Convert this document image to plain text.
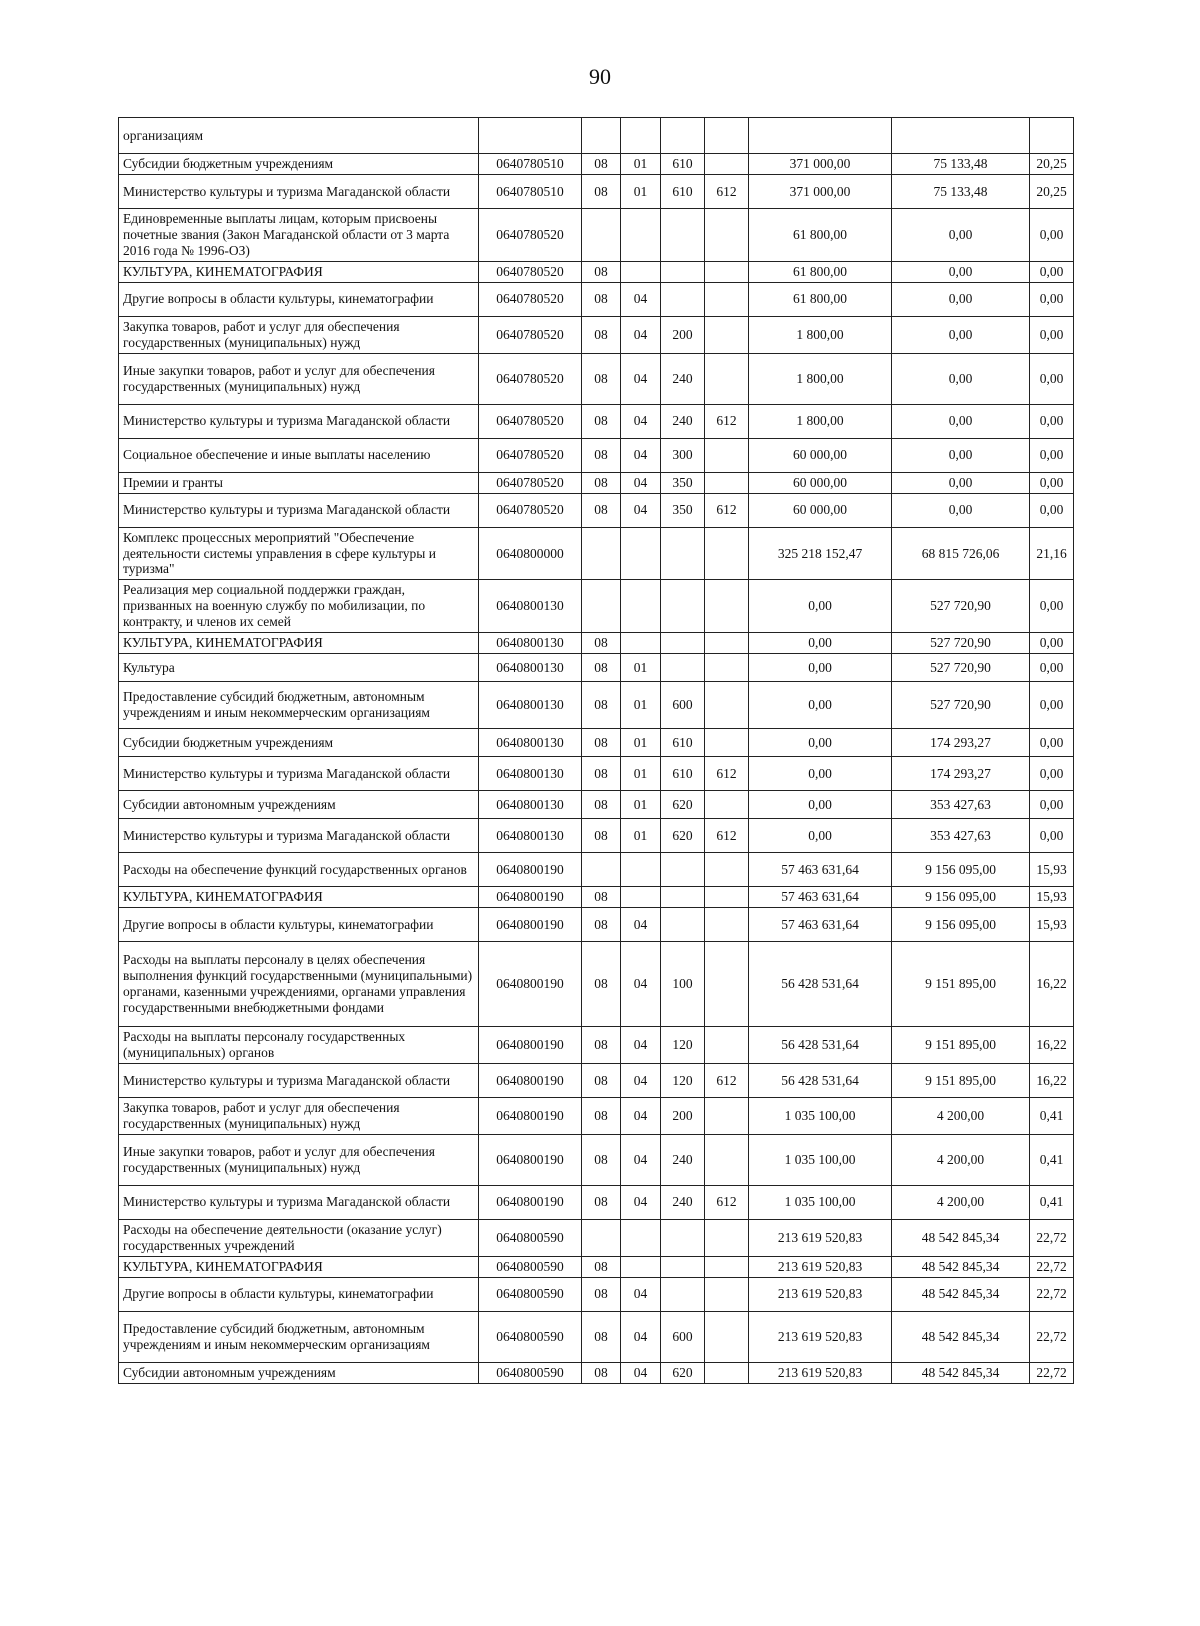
90
организациям								
Субсидии бюджетным учреждениям	0640780510	08	01	610		371 000,00	75 133,48	20,25
Министерство культуры и туризма Магаданской области	0640780510	08	01	610	612	371 000,00	75 133,48	20,25
Единовременные выплаты лицам, которым присвоены почетные звания (Закон Магаданской области от 3 марта 2016 года № 1996-ОЗ)	0640780520					61 800,00	0,00	0,00
КУЛЬТУРА, КИНЕМАТОГРАФИЯ	0640780520	08				61 800,00	0,00	0,00
Другие вопросы в области культуры, кинематографии	0640780520	08	04			61 800,00	0,00	0,00
Закупка товаров, работ и услуг для обеспечения государственных (муниципальных) нужд	0640780520	08	04	200		1 800,00	0,00	0,00
Иные закупки товаров, работ и услуг для обеспечения государственных (муниципальных) нужд	0640780520	08	04	240		1 800,00	0,00	0,00
Министерство культуры и туризма Магаданской области	0640780520	08	04	240	612	1 800,00	0,00	0,00
Социальное обеспечение и иные выплаты населению	0640780520	08	04	300		60 000,00	0,00	0,00
Премии и гранты	0640780520	08	04	350		60 000,00	0,00	0,00
Министерство культуры и туризма Магаданской области	0640780520	08	04	350	612	60 000,00	0,00	0,00
Комплекс процессных мероприятий "Обеспечение деятельности системы управления в сфере культуры и туризма"	0640800000					325 218 152,47	68 815 726,06	21,16
Реализация мер социальной поддержки граждан, призванных на военную службу по мобилизации, по контракту, и членов их семей	0640800130					0,00	527 720,90	0,00
КУЛЬТУРА, КИНЕМАТОГРАФИЯ	0640800130	08				0,00	527 720,90	0,00
Культура	0640800130	08	01			0,00	527 720,90	0,00
Предоставление субсидий бюджетным, автономным учреждениям и иным некоммерческим организациям	0640800130	08	01	600		0,00	527 720,90	0,00
Субсидии бюджетным учреждениям	0640800130	08	01	610		0,00	174 293,27	0,00
Министерство культуры и туризма Магаданской области	0640800130	08	01	610	612	0,00	174 293,27	0,00
Субсидии автономным учреждениям	0640800130	08	01	620		0,00	353 427,63	0,00
Министерство культуры и туризма Магаданской области	0640800130	08	01	620	612	0,00	353 427,63	0,00
Расходы на обеспечение функций государственных органов	0640800190					57 463 631,64	9 156 095,00	15,93
КУЛЬТУРА, КИНЕМАТОГРАФИЯ	0640800190	08				57 463 631,64	9 156 095,00	15,93
Другие вопросы в области культуры, кинематографии	0640800190	08	04			57 463 631,64	9 156 095,00	15,93
Расходы на выплаты персоналу в целях обеспечения выполнения функций государственными (муниципальными) органами, казенными учреждениями, органами управления государственными внебюджетными фондами	0640800190	08	04	100		56 428 531,64	9 151 895,00	16,22
Расходы на выплаты персоналу государственных (муниципальных) органов	0640800190	08	04	120		56 428 531,64	9 151 895,00	16,22
Министерство культуры и туризма Магаданской области	0640800190	08	04	120	612	56 428 531,64	9 151 895,00	16,22
Закупка товаров, работ и услуг для обеспечения государственных (муниципальных) нужд	0640800190	08	04	200		1 035 100,00	4 200,00	0,41
Иные закупки товаров, работ и услуг для обеспечения государственных (муниципальных) нужд	0640800190	08	04	240		1 035 100,00	4 200,00	0,41
Министерство культуры и туризма Магаданской области	0640800190	08	04	240	612	1 035 100,00	4 200,00	0,41
Расходы на обеспечение деятельности (оказание услуг) государственных учреждений	0640800590					213 619 520,83	48 542 845,34	22,72
КУЛЬТУРА, КИНЕМАТОГРАФИЯ	0640800590	08				213 619 520,83	48 542 845,34	22,72
Другие вопросы в области культуры, кинематографии	0640800590	08	04			213 619 520,83	48 542 845,34	22,72
Предоставление субсидий бюджетным, автономным учреждениям и иным некоммерческим организациям	0640800590	08	04	600		213 619 520,83	48 542 845,34	22,72
Субсидии автономным учреждениям	0640800590	08	04	620		213 619 520,83	48 542 845,34	22,72
